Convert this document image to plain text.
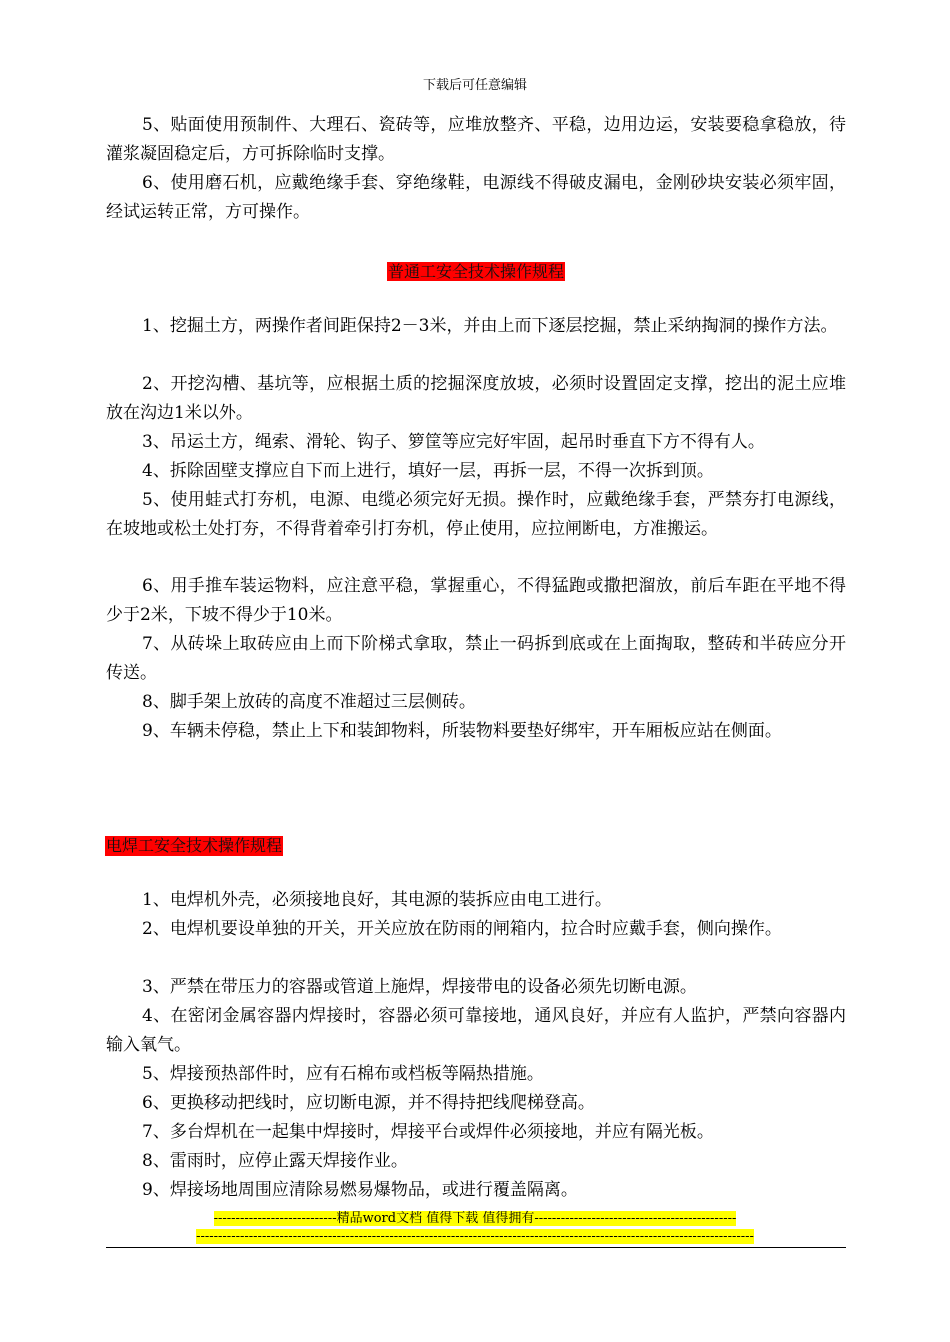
下载后可任意编辑

5、贴面使用预制件、大理石、瓷砖等，应堆放整齐、平稳，边用边运，安装要稳拿稳放，待灌浆凝固稳定后，方可拆除临时支撑。

6、使用磨石机，应戴绝缘手套、穿绝缘鞋，电源线不得破皮漏电，金刚砂块安装必须牢固，经试运转正常，方可操作。

普通工安全技术操作规程

1、挖掘土方，两操作者间距保持2－3米，并由上而下逐层挖掘，禁止采纳掏洞的操作方法。

2、开挖沟槽、基坑等，应根据土质的挖掘深度放坡，必须时设置固定支撑，挖出的泥土应堆放在沟边1米以外。

3、吊运土方，绳索、滑轮、钩子、箩筐等应完好牢固，起吊时垂直下方不得有人。

4、拆除固壁支撑应自下而上进行，填好一层，再拆一层，不得一次拆到顶。

5、使用蛙式打夯机，电源、电缆必须完好无损。操作时，应戴绝缘手套，严禁夯打电源线，在坡地或松土处打夯，不得背着牵引打夯机，停止使用，应拉闸断电，方准搬运。

6、用手推车装运物料，应注意平稳，掌握重心，不得猛跑或撒把溜放，前后车距在平地不得少于2米，下坡不得少于10米。

7、从砖垛上取砖应由上而下阶梯式拿取，禁止一码拆到底或在上面掏取，整砖和半砖应分开传送。

8、脚手架上放砖的高度不准超过三层侧砖。

9、车辆未停稳，禁止上下和装卸物料，所装物料要垫好绑牢，开车厢板应站在侧面。

电焊工安全技术操作规程

1、电焊机外壳，必须接地良好，其电源的装拆应由电工进行。

2、电焊机要设单独的开关，开关应放在防雨的闸箱内，拉合时应戴手套，侧向操作。

3、严禁在带压力的容器或管道上施焊，焊接带电的设备必须先切断电源。

4、在密闭金属容器内焊接时，容器必须可靠接地，通风良好，并应有人监护，严禁向容器内输入氧气。

5、焊接预热部件时，应有石棉布或档板等隔热措施。

6、更换移动把线时，应切断电源，并不得持把线爬梯登高。

7、多台焊机在一起集中焊接时，焊接平台或焊件必须接地，并应有隔光板。

8、雷雨时，应停止露天焊接作业。

9、焊接场地周围应清除易燃易爆物品，或进行覆盖隔离。

----------------------------精品word文档 值得下载 值得拥有----------------------------------------------
-------------------------------------------------------------------------------------------------------------------------------
